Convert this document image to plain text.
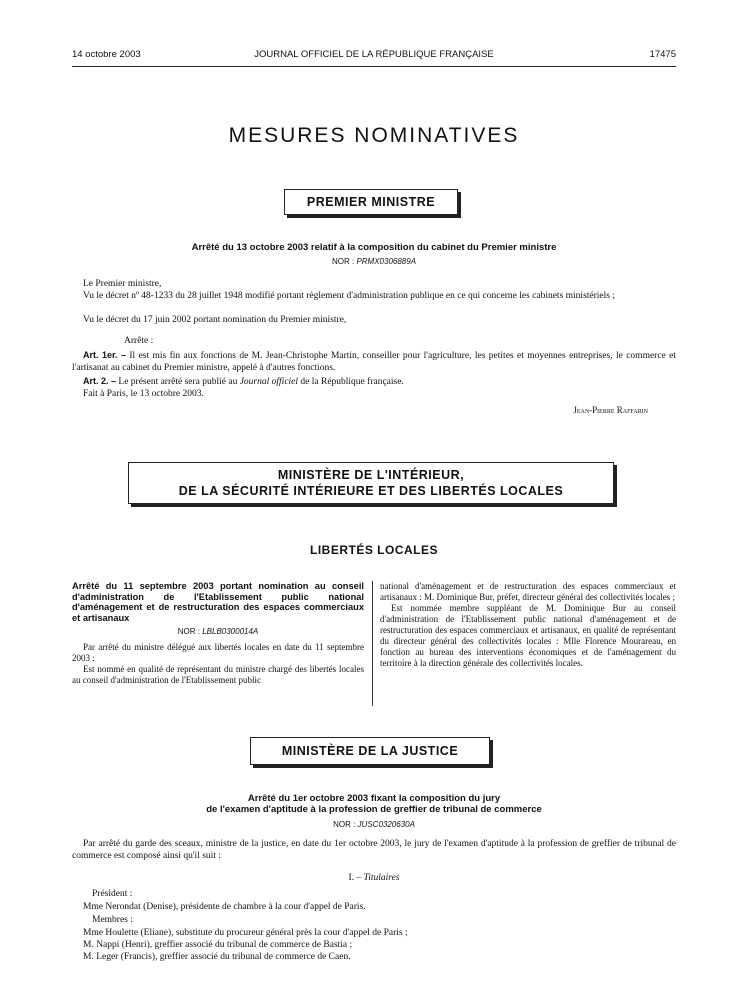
14 octobre 2003	JOURNAL OFFICIEL DE LA RÉPUBLIQUE FRANÇAISE	17475
MESURES NOMINATIVES
PREMIER MINISTRE
Arrêté du 13 octobre 2003 relatif à la composition du cabinet du Premier ministre
NOR : PRMX0306889A

Le Premier ministre,

Vu le décret nº 48-1233 du 28 juillet 1948 modifié portant règlement d'administration publique en ce qui concerne les cabinets ministériels ;

Vu le décret du 17 juin 2002 portant nomination du Premier ministre,

Arrête :

Art. 1er. – Il est mis fin aux fonctions de M. Jean-Christophe Martin, conseiller pour l'agriculture, les petites et moyennes entreprises, le commerce et l'artisanat au cabinet du Premier ministre, appelé à d'autres fonctions.

Art. 2. – Le présent arrêté sera publié au Journal officiel de la République française.

Fait à Paris, le 13 octobre 2003.

Jean-Pierre Raffarin

MINISTÈRE DE L'INTÉRIEUR,
DE LA SÉCURITÉ INTÉRIEURE ET DES LIBERTÉS LOCALES
LIBERTÉS LOCALES
Arrêté du 11 septembre 2003 portant nomination au conseil d'administration de l'Etablissement public national d'aménagement et de restructuration des espaces commerciaux et artisanaux
NOR : LBLB0300014A

Par arrêté du ministre délégué aux libertés locales en date du 11 septembre 2003 :

Est nommé en qualité de représentant du ministre chargé des libertés locales au conseil d'administration de l'Etablissement public

national d'aménagement et de restructuration des espaces commerciaux et artisanaux : M. Dominique Bur, préfet, directeur général des collectivités locales ;

Est nommée membre suppléant de M. Dominique Bur au conseil d'administration de l'Etablissement public national d'aménagement et de restructuration des espaces commerciaux et artisanaux, en qualité de représentant du directeur général des collectivités locales : Mlle Florence Mourareau, en fonction au bureau des interventions économiques et de l'aménagement du territoire à la direction générale des collectivités locales.

MINISTÈRE DE LA JUSTICE
Arrêté du 1er octobre 2003 fixant la composition du jury
de l'examen d'aptitude à la profession de greffier de tribunal de commerce
NOR : JUSC0320630A

Par arrêté du garde des sceaux, ministre de la justice, en date du 1er octobre 2003, le jury de l'examen d'aptitude à la profession de greffier de tribunal de commerce est composé ainsi qu'il suit :

I. – Titulaires

Président :

Mme Nerondat (Denise), présidente de chambre à la cour d'appel de Paris.

Membres :

Mme Houlette (Eliane), substitute du procureur général près la cour d'appel de Paris ;

M. Nappi (Henri), greffier associé du tribunal de commerce de Bastia ;

M. Leger (Francis), greffier associé du tribunal de commerce de Caen.
